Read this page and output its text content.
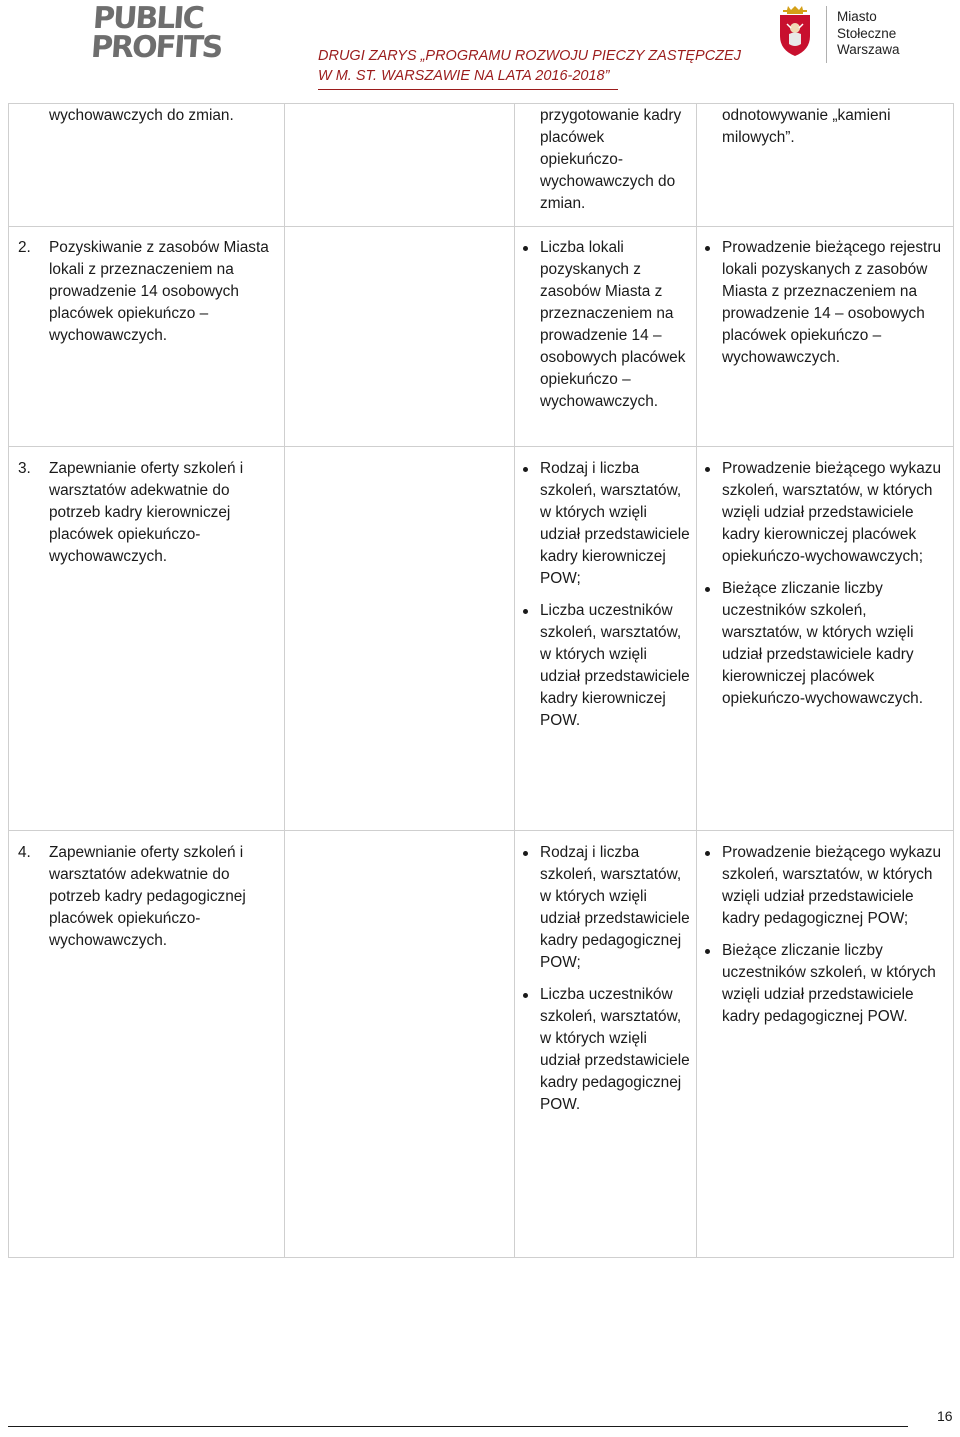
PUBLIC
PROFITS	DRUGI ZARYS „PROGRAMU ROZWOJU PIECZY ZASTĘPCZEJ
W M. ST. WARSZAWIE NA LATA 2016-2018”
Miasto
Stołeczne
Warszawa
wychowawczych do zmian.	przygotowanie kadry placówek opiekuńczo-wychowawczych do zmian.
odnotowywanie „kamieni milowych”.
2. Pozyskiwanie z zasobów Miasta lokali z przeznaczeniem na prowadzenie 14 osobowych placówek opiekuńczo – wychowawczych.
Liczba lokali pozyskanych z zasobów Miasta z przeznaczeniem na prowadzenie 14 – osobowych placówek opiekuńczo – wychowawczych.
Prowadzenie bieżącego rejestru lokali pozyskanych z zasobów Miasta z przeznaczeniem na prowadzenie 14 – osobowych placówek opiekuńczo – wychowawczych.
3. Zapewnianie oferty szkoleń i warsztatów adekwatnie do potrzeb kadry kierowniczej placówek opiekuńczo-wychowawczych.
Rodzaj i liczba szkoleń, warsztatów, w których wzięli udział przedstawiciele kadry kierowniczej POW;
Liczba uczestników szkoleń, warsztatów, w których wzięli udział przedstawiciele kadry kierowniczej POW.
Prowadzenie bieżącego wykazu szkoleń, warsztatów, w których wzięli udział przedstawiciele kadry kierowniczej placówek opiekuńczo-wychowawczych;
Bieżące zliczanie liczby uczestników szkoleń, warsztatów, w których wzięli udział przedstawiciele kadry kierowniczej placówek opiekuńczo-wychowawczych.
4. Zapewnianie oferty szkoleń i warsztatów adekwatnie do potrzeb kadry pedagogicznej placówek opiekuńczo-wychowawczych.
Rodzaj i liczba szkoleń, warsztatów, w których wzięli udział przedstawiciele kadry pedagogicznej POW;
Liczba uczestników szkoleń, warsztatów, w których wzięli udział przedstawiciele kadry pedagogicznej POW.
Prowadzenie bieżącego wykazu szkoleń, warsztatów, w których wzięli udział przedstawiciele kadry pedagogicznej POW;
Bieżące zliczanie liczby uczestników szkoleń, w których wzięli udział przedstawiciele kadry pedagogicznej POW.
16
